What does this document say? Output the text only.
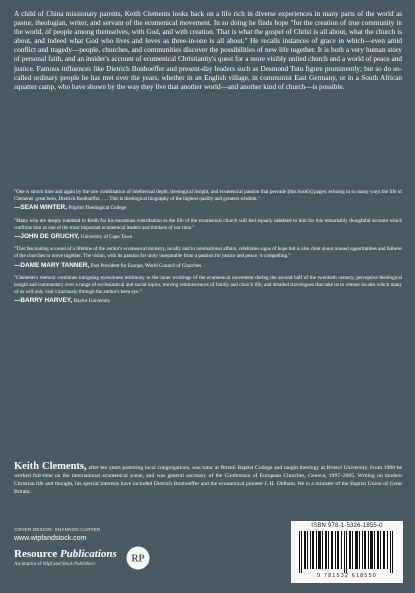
A child of China missionary parents, Keith Clements looks back on a life rich in diverse experiences in many parts of the world as pastor, theologian, writer, and servant of the ecumenical movement. In so doing he finds hope "for the creation of true community in the world, of people among themselves, with God, and with creation. That is what the gospel of Christ is all about, what the church is about, and indeed what God who lives and loves as three-in-one is all about." He recalls instances of grace in which—even amid conflict and tragedy—people, churches, and communities discover the possibilities of new life together. It is both a very human story of personal faith, and an insider's account of ecumenical Christianity's quest for a more visibly united church and a world of peace and justice. Famous influences like Dietrich Bonhoeffer and present-day leaders such as Desmond Tutu figure prominently; but so do so-called ordinary people he has met over the years, whether in an English village, in communist East Germany, or in a South African squatter camp, who have shown by the way they live that another world—and another kind of church—is possible.
"One is struck time and again by the rare combination of intellectual depth, theological insight, and ecumenical passion that pervade [this book's] pages; echoing in so many ways the life of Clements' great hero, Dietrich Bonhoeffer. . . . This is theological biography of the highest quality and greatest wisdom."
—SEAN WINTER, Pilgrim Theological College
"Many who are deeply indebted to Keith for his enormous contribution to the life of the ecumenical church will feel equally indebted to him for this remarkably thoughtful account which confirms him as one of the most important ecumenical leaders and thinkers of our time."
—JOHN DE GRUCHY, University of Cape Town
"This fascinating account of a lifetime of the author's ecumenical ministry, locally and in international affairs, celebrates signs of hope but is also clear about missed opportunities and failures of the churches to move together. The vision, with its passion for unity inseparable from a passion for justice and peace, is compelling."
—DAME MARY TANNER, Past President for Europe, World Council of Churches
"Clements's memoir combines intriguing eyewitness testimony to the inner workings of the ecumenical movement during the second half of the twentieth century, perceptive theological insight and commentary over a range of ecclesiastical and social topics, moving reminiscences of family and church life, and detailed travelogues that take us to remote locales which many of us will only visit vicariously through the author's keen eye."
—BARRY HARVEY, Baylor University
Keith Clements, after ten years pastoring local congregations, was tutor at Bristol Baptist College and taught theology at Bristol University. From 1990 he worked full-time on the international ecumenical scene, and was general secretary of the Conference of European Churches, Geneva, 1997–2005. Writing on modern Christian life and thought, his special interests have included Dietrich Bonhoeffer and the ecumenical pioneer J. H. Oldham. He is a minister of the Baptist Union of Great Britain.
COVER DESIGN: SHANNON CARTER
www.wipfandstock.com
Resource Publications
An imprint of Wipf and Stock Publishers	RP
ISBN 978-1-5326-1855-0
9 781532 618550
